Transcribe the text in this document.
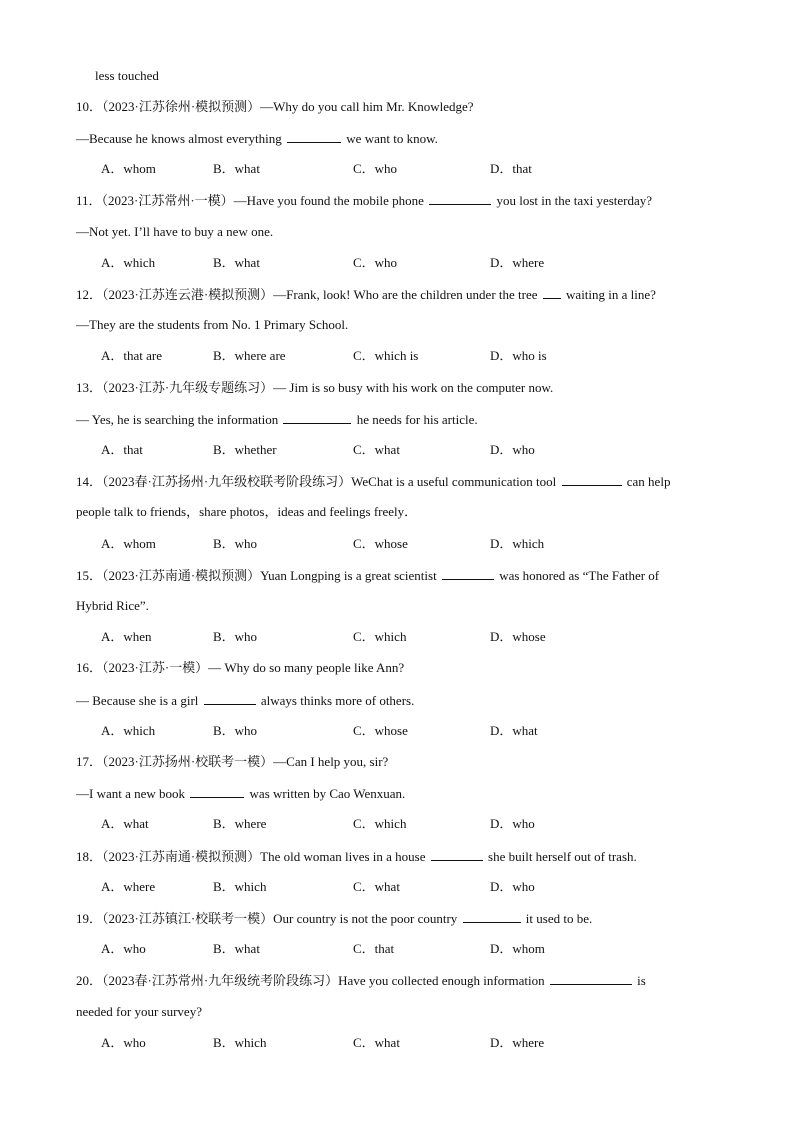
less touched
10．（2023·江苏徐州·模拟预测）—Why do you call him Mr. Knowledge?
—Because he knows almost everything	we want to know.
A．whom	B．what	C．who	D．that
11．（2023·江苏常州·一模）—Have you found the mobile phone	you lost in the taxi yesterday?
—Not yet. I’ll have to buy a new one.
A．which	B．what	C．who	D．where
12．（2023·江苏连云港·模拟预测）—Frank, look! Who are the children under the tree waiting in a line?
—They are the students from No. 1 Primary School.
A．that are	B．where are	C．which is	D．who is
13．（2023·江苏·九年级专题练习）— Jim is so busy with his work on the computer now.
— Yes, he is searching the information	he needs for his article.
A．that	B．whether	C．what	D．who
14．（2023春·江苏扬州·九年级校联考阶段练习）WeChat is a useful communication tool	can help
people talk to friends，share photos，ideas and feelings freely．
A．whom	B．who	C．whose	D．which
15．（2023·江苏南通·模拟预测）Yuan Longping is a great scientist	was honored as “The Father of
Hybrid Rice”.
A．when	B．who	C．which	D．whose
16．（2023·江苏·一模）— Why do so many people like Ann?
— Because she is a girl	always thinks more of others.
A．which	B．who	C．whose	D．what
17．（2023·江苏扬州·校联考一模）—Can I help you, sir?
—I want a new book	was written by Cao Wenxuan.
A．what	B．where	C．which	D．who
18．（2023·江苏南通·模拟预测）The old woman lives in a house	she built herself out of trash.
A．where	B．which	C．what	D．who
19．（2023·江苏镇江·校联考一模）Our country is not the poor country	it used to be.
A．who	B．what	C．that	D．whom
20．（2023春·江苏常州·九年级统考阶段练习）Have you collected enough information	is
needed for your survey?
A．who	B．which	C．what	D．where
